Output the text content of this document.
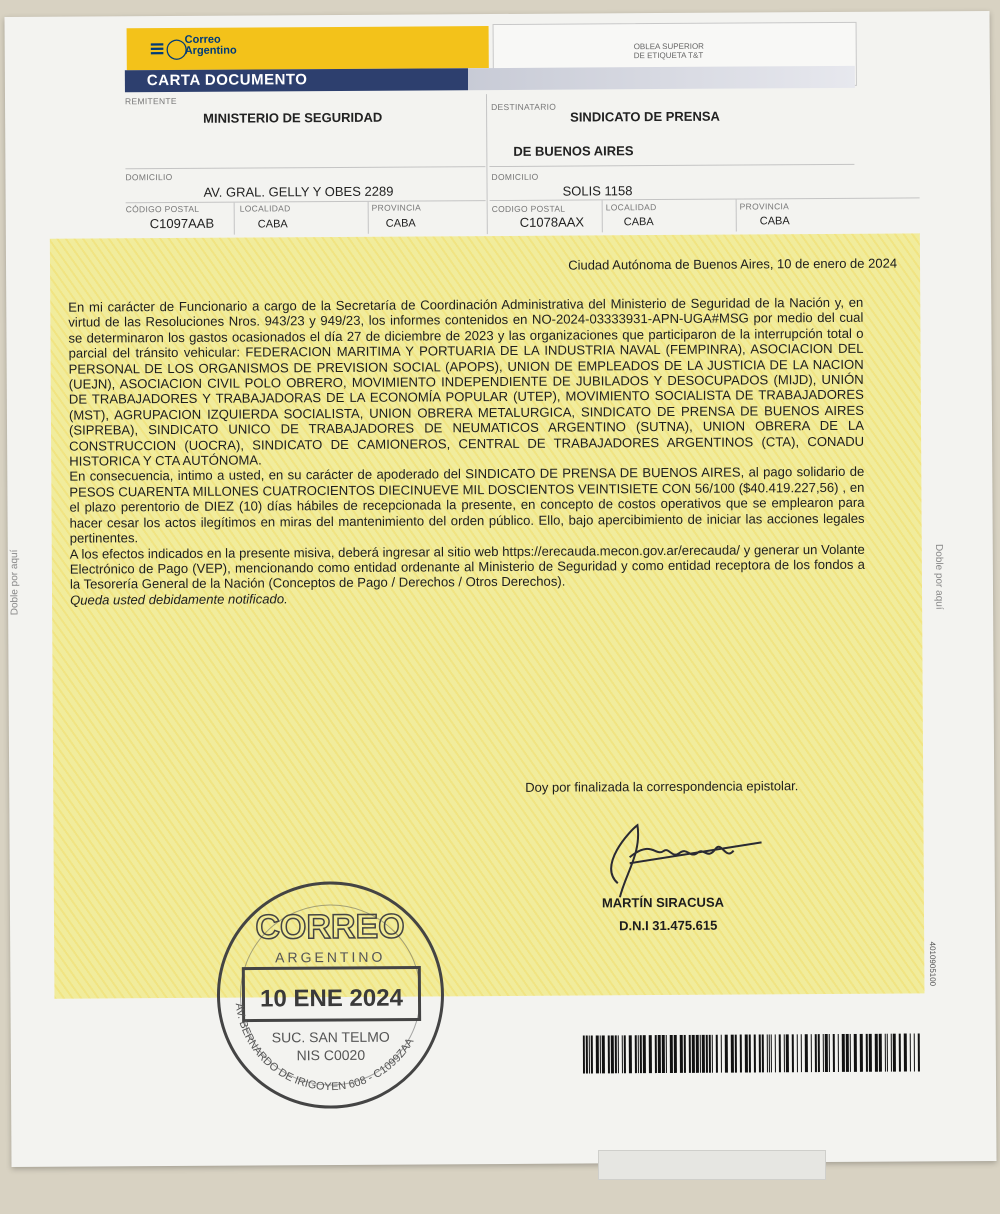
≡◯
Correo
Argentino	OBLEA SUPERIOR
DE ETIQUETA T&T
CARTA DOCUMENTO
REMITENTE
MINISTERIO DE SEGURIDAD
DOMICILIO
AV. GRAL. GELLY Y OBES 2289
CÓDIGO POSTAL
C1097AAB
LOCALIDAD
CABA
PROVINCIA
CABA
DESTINATARIO
SINDICATO DE PRENSA
DE BUENOS AIRES
DOMICILIO
SOLIS 1158
CODIGO POSTAL
C1078AAX
LOCALIDAD
CABA
PROVINCIA
CABA
Ciudad Autónoma de Buenos Aires, 10 de enero de 2024

En mi carácter de Funcionario a cargo de la Secretaría de Coordinación Administrativa del Ministerio de Seguridad de la Nación y, en virtud de las Resoluciones Nros. 943/23 y 949/23, los informes contenidos en NO-2024-03333931-APN-UGA#MSG por medio del cual se determinaron los gastos ocasionados el día 27 de diciembre de 2023 y las organizaciones que participaron de la interrupción total o parcial del tránsito vehicular: FEDERACION MARITIMA Y PORTUARIA DE LA INDUSTRIA NAVAL (FEMPINRA), ASOCIACION DEL PERSONAL DE LOS ORGANISMOS DE PREVISION SOCIAL (APOPS), UNION DE EMPLEADOS DE LA JUSTICIA DE LA NACION (UEJN), ASOCIACION CIVIL POLO OBRERO, MOVIMIENTO INDEPENDIENTE DE JUBILADOS Y DESOCUPADOS (MIJD), UNIÓN DE TRABAJADORES Y TRABAJADORAS DE LA ECONOMÍA POPULAR (UTEP), MOVIMIENTO SOCIALISTA DE TRABAJADORES (MST), AGRUPACION IZQUIERDA SOCIALISTA, UNION OBRERA METALURGICA, SINDICATO DE PRENSA DE BUENOS AIRES (SIPREBA), SINDICATO UNICO DE TRABAJADORES DE NEUMATICOS ARGENTINO (SUTNA), UNION OBRERA DE LA CONSTRUCCION (UOCRA), SINDICATO DE CAMIONEROS, CENTRAL DE TRABAJADORES ARGENTINOS (CTA), CONADU HISTORICA Y CTA AUTÓNOMA.

En consecuencia, intimo a usted, en su carácter de apoderado del SINDICATO DE PRENSA DE BUENOS AIRES, al pago solidario de PESOS CUARENTA MILLONES CUATROCIENTOS DIECINUEVE MIL DOSCIENTOS VEINTISIETE CON 56/100 ($40.419.227,56) , en el plazo perentorio de DIEZ (10) días hábiles de recepcionada la presente, en concepto de costos operativos que se emplearon para hacer cesar los actos ilegítimos en miras del mantenimiento del orden público. Ello, bajo apercibimiento de iniciar las acciones legales pertinentes.

A los efectos indicados en la presente misiva, deberá ingresar al sitio web https://erecauda.mecon.gov.ar/erecauda/ y generar un Volante Electrónico de Pago (VEP), mencionando como entidad ordenante al Ministerio de Seguridad y como entidad receptora de los fondos a la Tesorería General de la Nación (Conceptos de Pago / Derechos / Otros Derechos).

Queda usted debidamente notificado.

Doy por finalizada la correspondencia epistolar.
MARTÍN SIRACUSA
D.N.I 31.475.615
Doble por aquí	Doble por aquí
4010905100
CORREO
ARGENTINO
10 ENE 2024
SUC. SAN TELMO
NIS C0020
AV. BERNARDO DE IRIGOYEN 608 - C1099ZAA
